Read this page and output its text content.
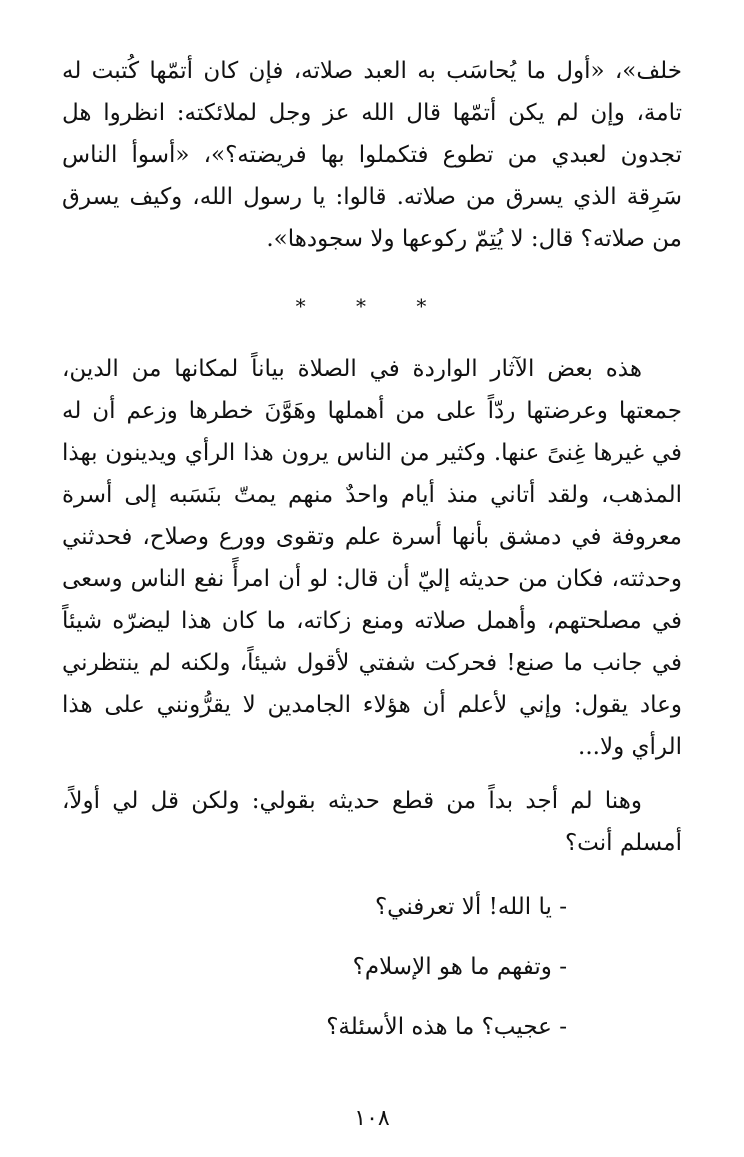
خلف»، «أول ما يُحاسَب به العبد صلاته، فإن كان أتمّها كُتبت له تامة، وإن لم يكن أتمّها قال الله عز وجل لملائكته: انظروا هل تجدون لعبدي من تطوع فتكملوا بها فريضته؟»، «أسوأ الناس سَرِقة الذي يسرق من صلاته. قالوا: يا رسول الله، وكيف يسرق من صلاته؟ قال: لا يُتِمّ ركوعها ولا سجودها».

* * *

هذه بعض الآثار الواردة في الصلاة بياناً لمكانها من الدين، جمعتها وعرضتها ردّاً على من أهملها وهَوَّنَ خطرها وزعم أن له في غيرها غِنىً عنها. وكثير من الناس يرون هذا الرأي ويدينون بهذا المذهب، ولقد أتاني منذ أيام واحدٌ منهم يمتّ بنَسَبه إلى أسرة معروفة في دمشق بأنها أسرة علم وتقوى وورع وصلاح، فحدثني وحدثته، فكان من حديثه إليّ أن قال: لو أن امرأً نفع الناس وسعى في مصلحتهم، وأهمل صلاته ومنع زكاته، ما كان هذا ليضرّه شيئاً في جانب ما صنع! فحركت شفتي لأقول شيئاً، ولكنه لم ينتظرني وعاد يقول: وإني لأعلم أن هؤلاء الجامدين لا يقرُّونني على هذا الرأي ولا...

وهنا لم أجد بداً من قطع حديثه بقولي: ولكن قل لي أولاً، أمسلم أنت؟

- يا الله! ألا تعرفني؟

- وتفهم ما هو الإسلام؟

- عجيب؟ ما هذه الأسئلة؟

١٠٨
